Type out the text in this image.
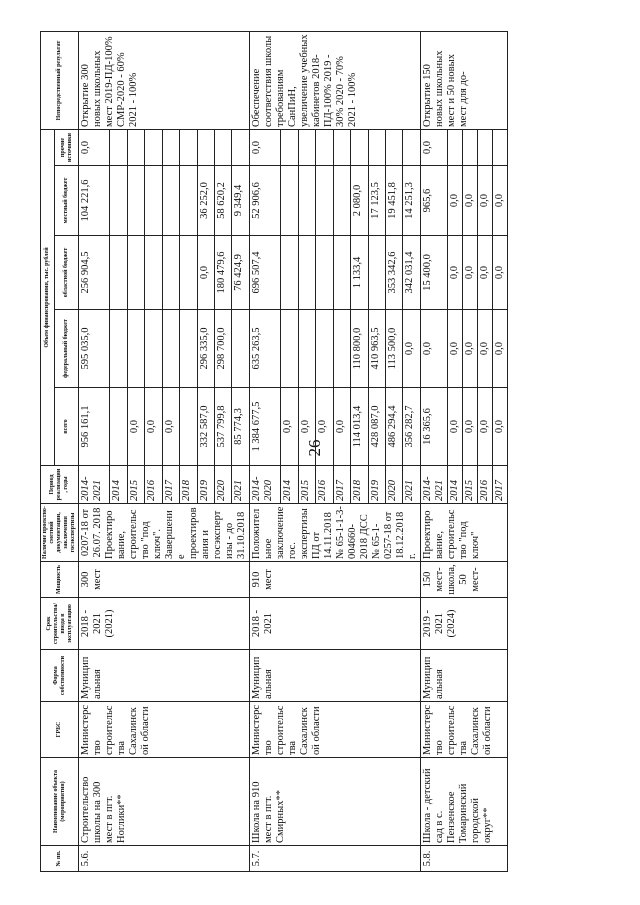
26
№ пп.	Наименование объекта (мероприятия)	ГРБС	Форма собственности	Срок строительства/ввода в эксплуатацию	Мощность	Наличие проектно-сметной документации, заключения госэкспертизы	Период реализации, годы	Объем финансирования, тыс. рублей					Непосредственный результат
								всего	федеральный бюджет	областной бюджет	местный бюджет	прочие источники	
5.6.	Строительство школы на 300 мест в пгт. Ноглики**	Министерство строительства Сахалинской области	Муниципальная	2018 - 2021 (2021)	300 мест	0207-18 от 26.07. 2018 Проектирование, строительство "под ключ". Завершение проектирования и госэкспертизы - до 31.10.2018	2014-2021	956 161,1	595 035,0	256 904,5	104 221,6	0,0	Открытие 300 новых школьных мест 2019-ПД-100% СМР-2020 - 60% 2021 - 100%
							2014						
							2015	0,0					
							2016	0,0					
							2017	0,0					
							2018						
							2019	332 587,0	296 335,0	0,0	36 252,0		
							2020	537 799,8	298 700,0	180 479,6	58 620,2		
							2021	85 774,3		76 424,9	9 349,4		
5.7.	Школа на 910 мест в пгт. Смирных**	Министерство строительства Сахалинской области	Муниципальная	2018 - 2021	910 мест	Положительное заключение гос. экспертизы ПД от 14.11.2018 № 65-1-1-3-004660-2018 ДСС № 65-1-0257-18 от 18.12.2018 г.	2014-2020	1 384 677,5	635 263,5	696 507,4	52 906,6	0,0	Обеспечение соответствия школы требованиям СанПиН, увеличение учебных кабинетов 2018-ПД-100% 2019 - 30% 2020 - 70% 2021 - 100%
							2014	0,0					
							2015	0,0					
							2016	0,0					
							2017	0,0					
							2018	114 013,4	110 800,0	1 133,4	2 080,0		
							2019	428 087,0	410 963,5		17 123,5		
							2020	486 294,4	113 500,0	353 342,6	19 451,8		
							2021	356 282,7	0,0	342 031,4	14 251,3		
5.8.	Школа - детский сад в с. Пензенское Томаринский городской округ**	Министерство строительства Сахалинской области	Муниципальная	2019 - 2021 (2024)	150 мест-школа, 50 мест-	Проектирование, строительство "под ключ"	2014-2021	16 365,6	0,0	15 400,0	965,6	0,0	Открытие 150 новых школьных мест и 50 новых мест для до-
							2014	0,0	0,0	0,0	0,0		
							2015	0,0	0,0	0,0	0,0		
							2016	0,0	0,0	0,0	0,0		
							2017	0,0	0,0	0,0	0,0		
